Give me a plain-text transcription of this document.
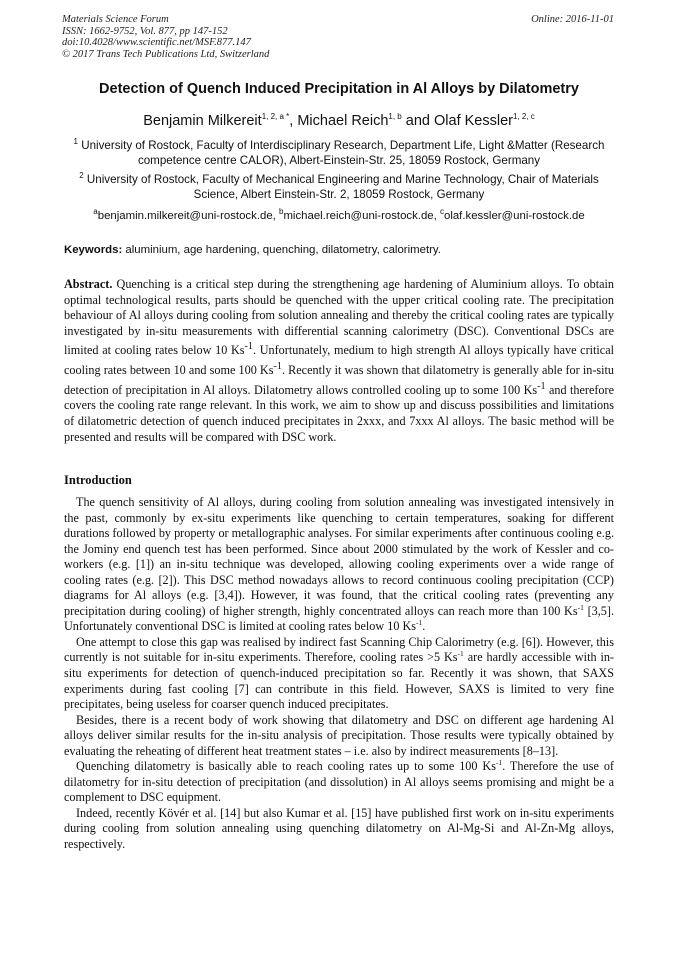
Materials Science Forum
ISSN: 1662-9752, Vol. 877, pp 147-152
doi:10.4028/www.scientific.net/MSF.877.147
© 2017 Trans Tech Publications Ltd, Switzerland
Online: 2016-11-01
Detection of Quench Induced Precipitation in Al Alloys by Dilatometry
Benjamin Milkereit$^{1, 2, a *}$, Michael Reich$^{1, b}$ and Olaf Kessler$^{1, 2, c}$
$^1$ University of Rostock, Faculty of Interdisciplinary Research, Department Life, Light &Matter (Research competence centre CALOR), Albert-Einstein-Str. 25, 18059 Rostock, Germany
$^2$ University of Rostock, Faculty of Mechanical Engineering and Marine Technology, Chair of Materials Science, Albert Einstein-Str. 2, 18059 Rostock, Germany
$^a$benjamin.milkereit@uni-rostock.de, $^b$michael.reich@uni-rostock.de, $^c$olaf.kessler@uni-rostock.de
Keywords: aluminium, age hardening, quenching, dilatometry, calorimetry.
Abstract. Quenching is a critical step during the strengthening age hardening of Aluminium alloys. To obtain optimal technological results, parts should be quenched with the upper critical cooling rate. The precipitation behaviour of Al alloys during cooling from solution annealing and thereby the critical cooling rates are typically investigated by in-situ measurements with differential scanning calorimetry (DSC). Conventional DSCs are limited at cooling rates below 10 $Ks^{-1}$. Unfortunately, medium to high strength Al alloys typically have critical cooling rates between 10 and some 100 $Ks^{-1}$. Recently it was shown that dilatometry is generally able for in-situ detection of precipitation in Al alloys. Dilatometry allows controlled cooling up to some 100 $Ks^{-1}$ and therefore covers the cooling rate range relevant. In this work, we aim to show up and discuss possibilities and limitations of dilatometric detection of quench induced precipitates in 2xxx, and 7xxx Al alloys. The basic method will be presented and results will be compared with DSC work.
Introduction

The quench sensitivity of Al alloys, during cooling from solution annealing was investigated intensively in the past, commonly by ex-situ experiments like quenching to certain temperatures, soaking for different durations followed by property or metallographic analyses. For similar experiments after continuous cooling e.g. the Jominy end quench test has been performed. Since about 2000 stimulated by the work of Kessler and co-workers (e.g. [1]) an in-situ technique was developed, allowing cooling experiments over a wide range of cooling rates (e.g. [2]). This DSC method nowadays allows to record continuous cooling precipitation (CCP) diagrams for Al alloys (e.g. [3,4]). However, it was found, that the critical cooling rates (preventing any precipitation during cooling) of higher strength, highly concentrated alloys can reach more than 100 $Ks^{-1}$ [3,5]. Unfortunately conventional DSC is limited at cooling rates below 10 $Ks^{-1}$.

One attempt to close this gap was realised by indirect fast Scanning Chip Calorimetry (e.g. [6]). However, this currently is not suitable for in-situ experiments. Therefore, cooling rates >5 $Ks^{-1}$ are hardly accessible with in-situ experiments for detection of quench-induced precipitation so far. Recently it was shown, that SAXS experiments during fast cooling [7] can contribute in this field. However, SAXS is limited to very fine precipitates, being useless for coarser quench induced precipitates.

Besides, there is a recent body of work showing that dilatometry and DSC on different age hardening Al alloys deliver similar results for the in-situ analysis of precipitation. Those results were typically obtained by evaluating the reheating of different heat treatment states – i.e. also by indirect measurements [8–13].

Quenching dilatometry is basically able to reach cooling rates up to some 100 $Ks^{-1}$. Therefore the use of dilatometry for in-situ detection of precipitation (and dissolution) in Al alloys seems promising and might be a complement to DSC equipment.

Indeed, recently Kövér et al. [14] but also Kumar et al. [15] have published first work on in-situ experiments during cooling from solution annealing using quenching dilatometry on Al-Mg-Si and Al-Zn-Mg alloys, respectively.
